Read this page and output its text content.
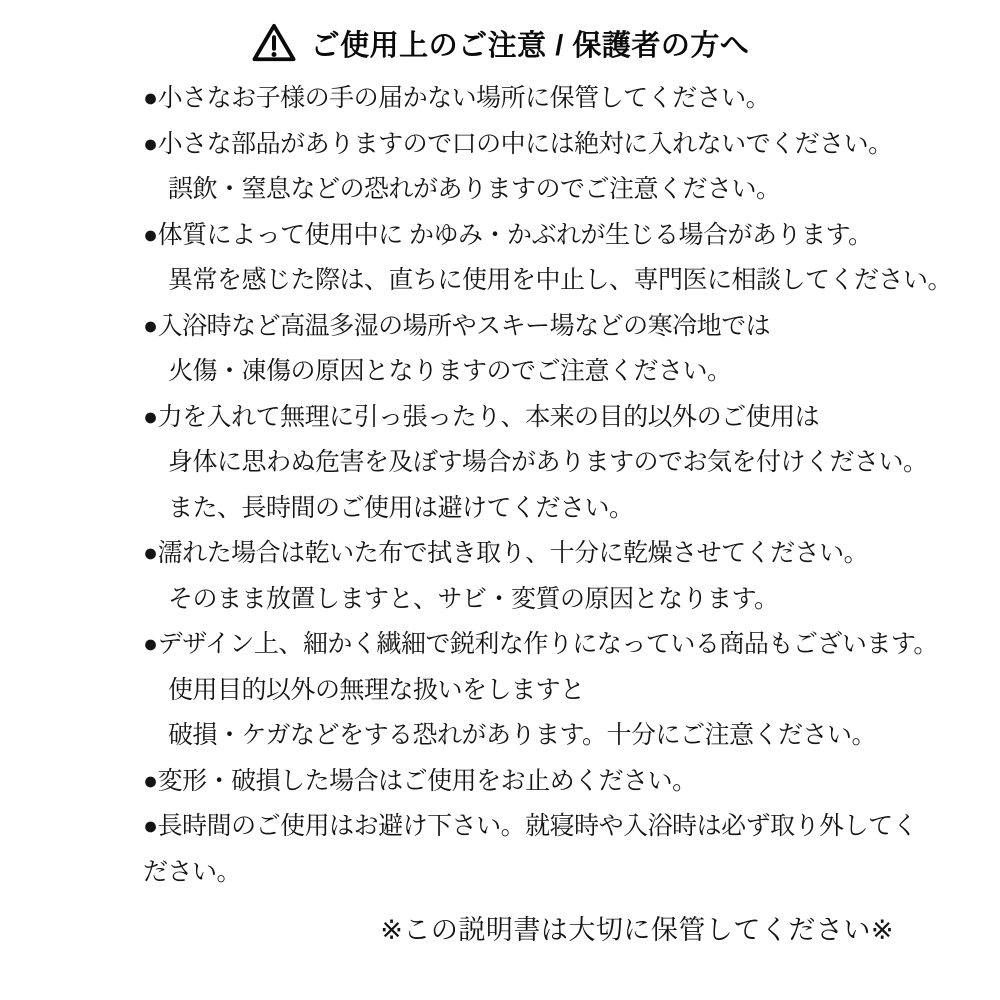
ご使用上のご注意 / 保護者の方へ

●小さなお子様の手の届かない場所に保管してください。

●小さな部品がありますので口の中には絶対に入れないでください。

誤飲・窒息などの恐れがありますのでご注意ください。

●体質によって使用中に かゆみ・かぶれが生じる場合があります。

異常を感じた際は、直ちに使用を中止し、専門医に相談してください。

●入浴時など高温多湿の場所やスキー場などの寒冷地では

火傷・凍傷の原因となりますのでご注意ください。

●力を入れて無理に引っ張ったり、本来の目的以外のご使用は

身体に思わぬ危害を及ぼす場合がありますのでお気を付けください。

また、長時間のご使用は避けてください。

●濡れた場合は乾いた布で拭き取り、十分に乾燥させてください。

そのまま放置しますと、サビ・変質の原因となります。

●デザイン上、細かく繊細で鋭利な作りになっている商品もございます。

使用目的以外の無理な扱いをしますと

破損・ケガなどをする恐れがあります。十分にご注意ください。

●変形・破損した場合はご使用をお止めください。

●長時間のご使用はお避け下さい。就寝時や入浴時は必ず取り外してく

ださい。

※この説明書は大切に保管してください※
